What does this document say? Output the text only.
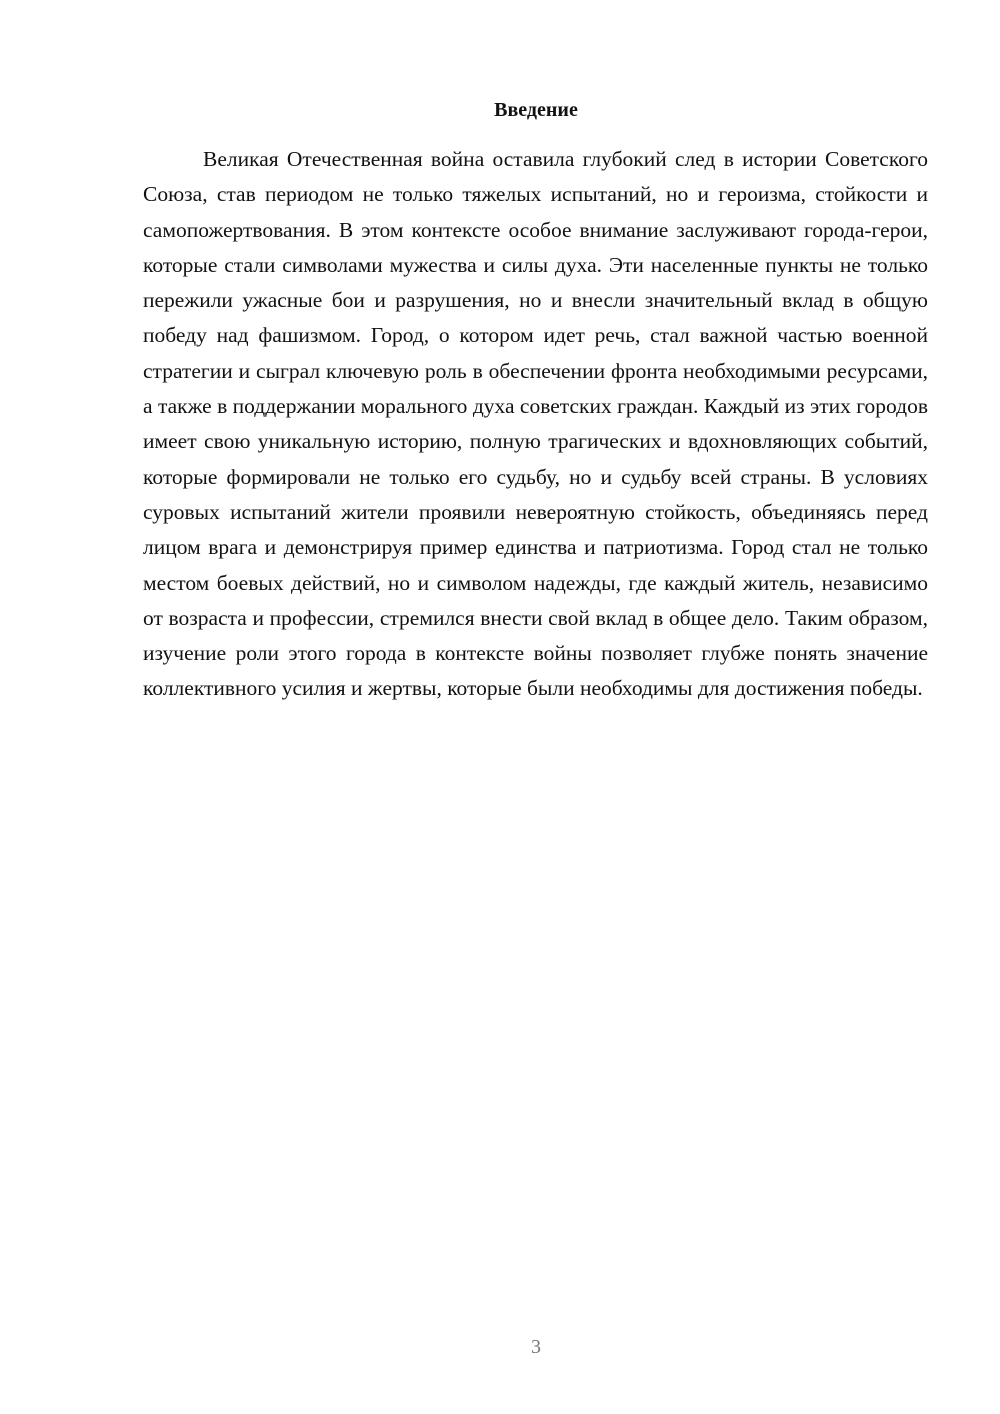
Введение

Великая Отечественная война оставила глубокий след в истории Советского Союза, став периодом не только тяжелых испытаний, но и героизма, стойкости и самопожертвования. В этом контексте особое внимание заслуживают города-герои, которые стали символами мужества и силы духа. Эти населенные пункты не только пережили ужасные бои и разрушения, но и внесли значительный вклад в общую победу над фашизмом. Город, о котором идет речь, стал важной частью военной стратегии и сыграл ключевую роль в обеспечении фронта необходимыми ресурсами, а также в поддержании морального духа советских граждан. Каждый из этих городов имеет свою уникальную историю, полную трагических и вдохновляющих событий, которые формировали не только его судьбу, но и судьбу всей страны. В условиях суровых испытаний жители проявили невероятную стойкость, объединяясь перед лицом врага и демонстрируя пример единства и патриотизма. Город стал не только местом боевых действий, но и символом надежды, где каждый житель, независимо от возраста и профессии, стремился внести свой вклад в общее дело. Таким образом, изучение роли этого города в контексте войны позволяет глубже понять значение коллективного усилия и жертвы, которые были необходимы для достижения победы.

3
